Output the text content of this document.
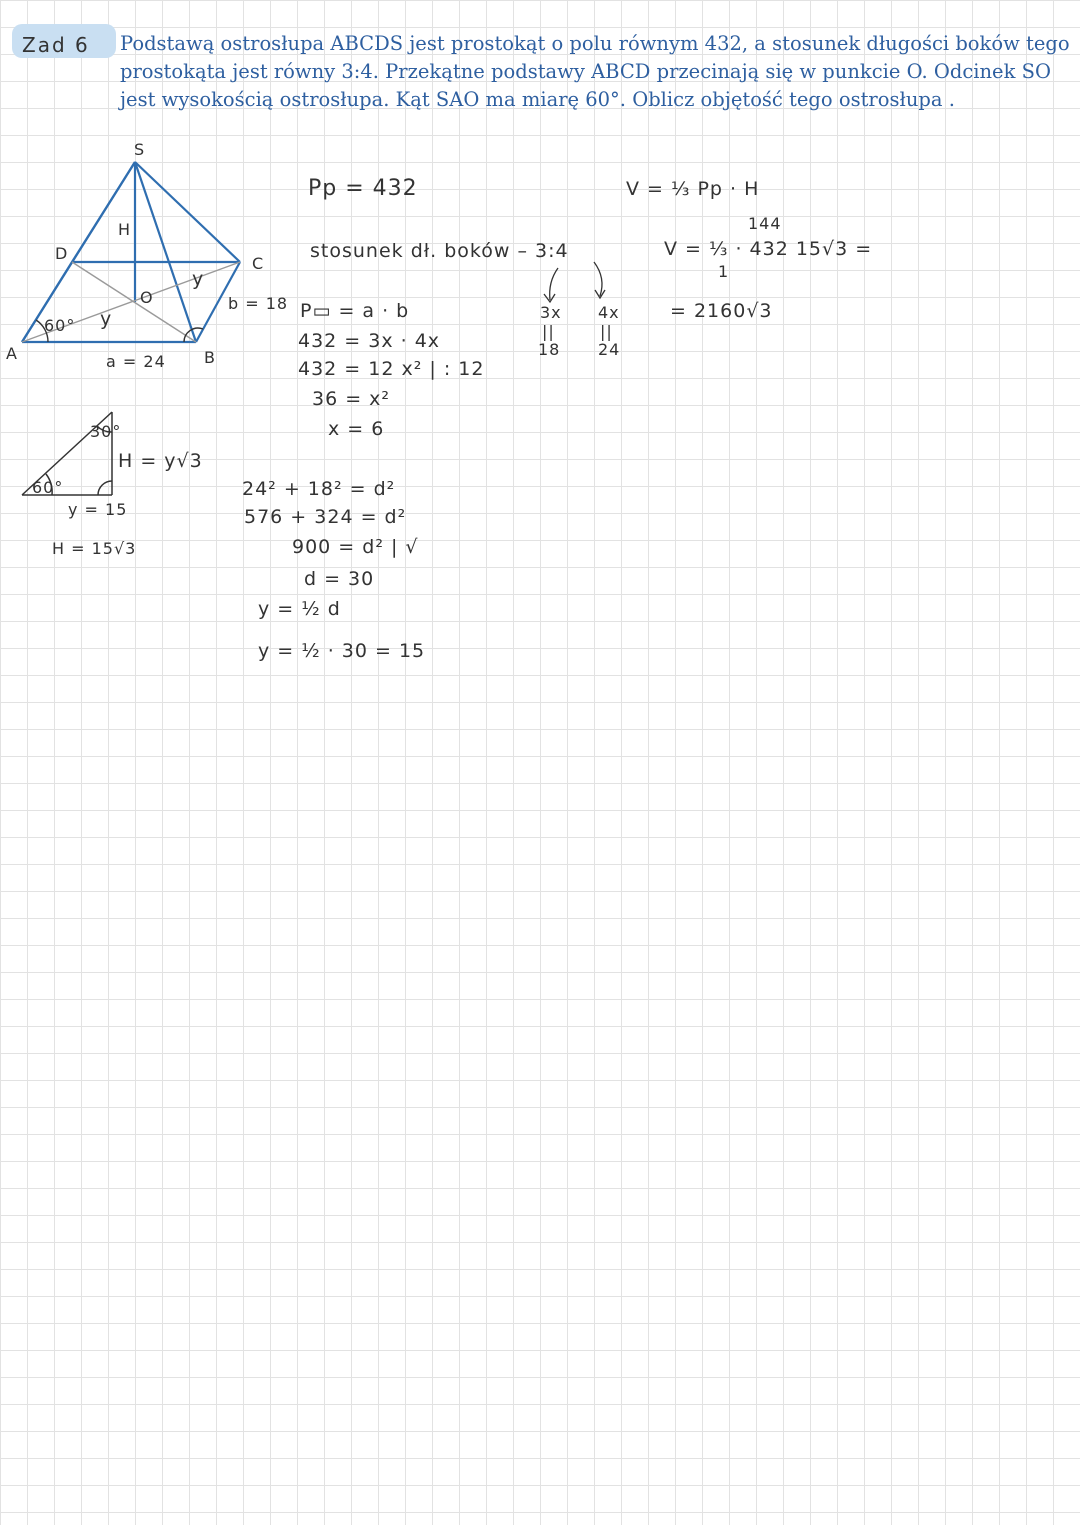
Zad 6 Podstawą ostrosłupa ABCDS jest prostokąt o polu równym 432, a stosunek długości boków tego prostokąta jest równy 3:4. Przekątne podstawy ABCD przecinają się w punkcie O. Odcinek SO jest wysokością ostrosłupa. Kąt SAO ma miarę 60°. Oblicz objętość tego ostrosłupa .
S
A	B
C
D
O
H
y
y
60°
a = 24
b = 18
30°
60°
H = y√3
y = 15
H = 15√3
Pp = 432
stosunek dł. boków – 3:4
3x
||
18
4x
||
24
P▭ = a · b
432 = 3x · 4x
432 = 12 x² | : 12
36 = x²
x = 6
24² + 18² = d²
576 + 324 = d²
900 = d² | √
d = 30
y = ½ d
y = ½ · 30 = 15
V = ⅓ Pp · H
144
V = ⅓ · 432 15√3 =
1
= 2160√3
